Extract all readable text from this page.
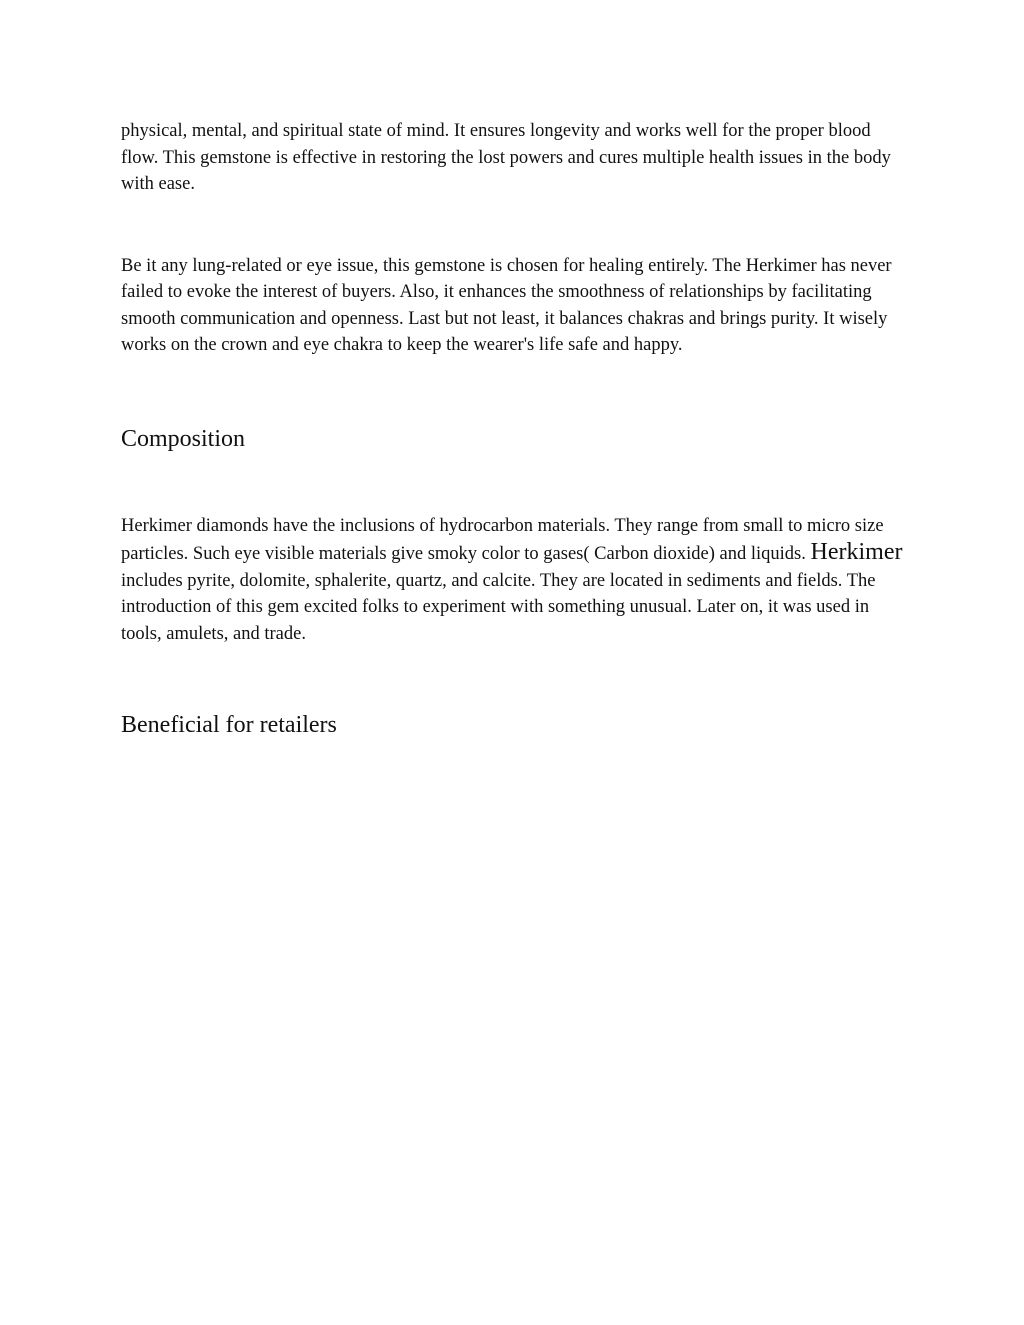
physical, mental, and spiritual state of mind. It ensures longevity and works well for the proper blood flow. This gemstone is effective in restoring the lost powers and cures multiple health issues in the body with ease.

Be it any lung-related or eye issue, this gemstone is chosen for healing entirely. The Herkimer has never failed to evoke the interest of buyers. Also, it enhances the smoothness of relationships by facilitating smooth communication and openness. Last but not least, it balances chakras and brings purity. It wisely works on the crown and eye chakra to keep the wearer's life safe and happy.

Composition

Herkimer diamonds have the inclusions of hydrocarbon materials. They range from small to micro size particles. Such eye visible materials give smoky color to gases( Carbon dioxide) and liquids. Herkimer includes pyrite, dolomite, sphalerite, quartz, and calcite. They are located in sediments and fields. The introduction of this gem excited folks to experiment with something unusual. Later on, it was used in tools, amulets, and trade.

Beneficial for retailers
